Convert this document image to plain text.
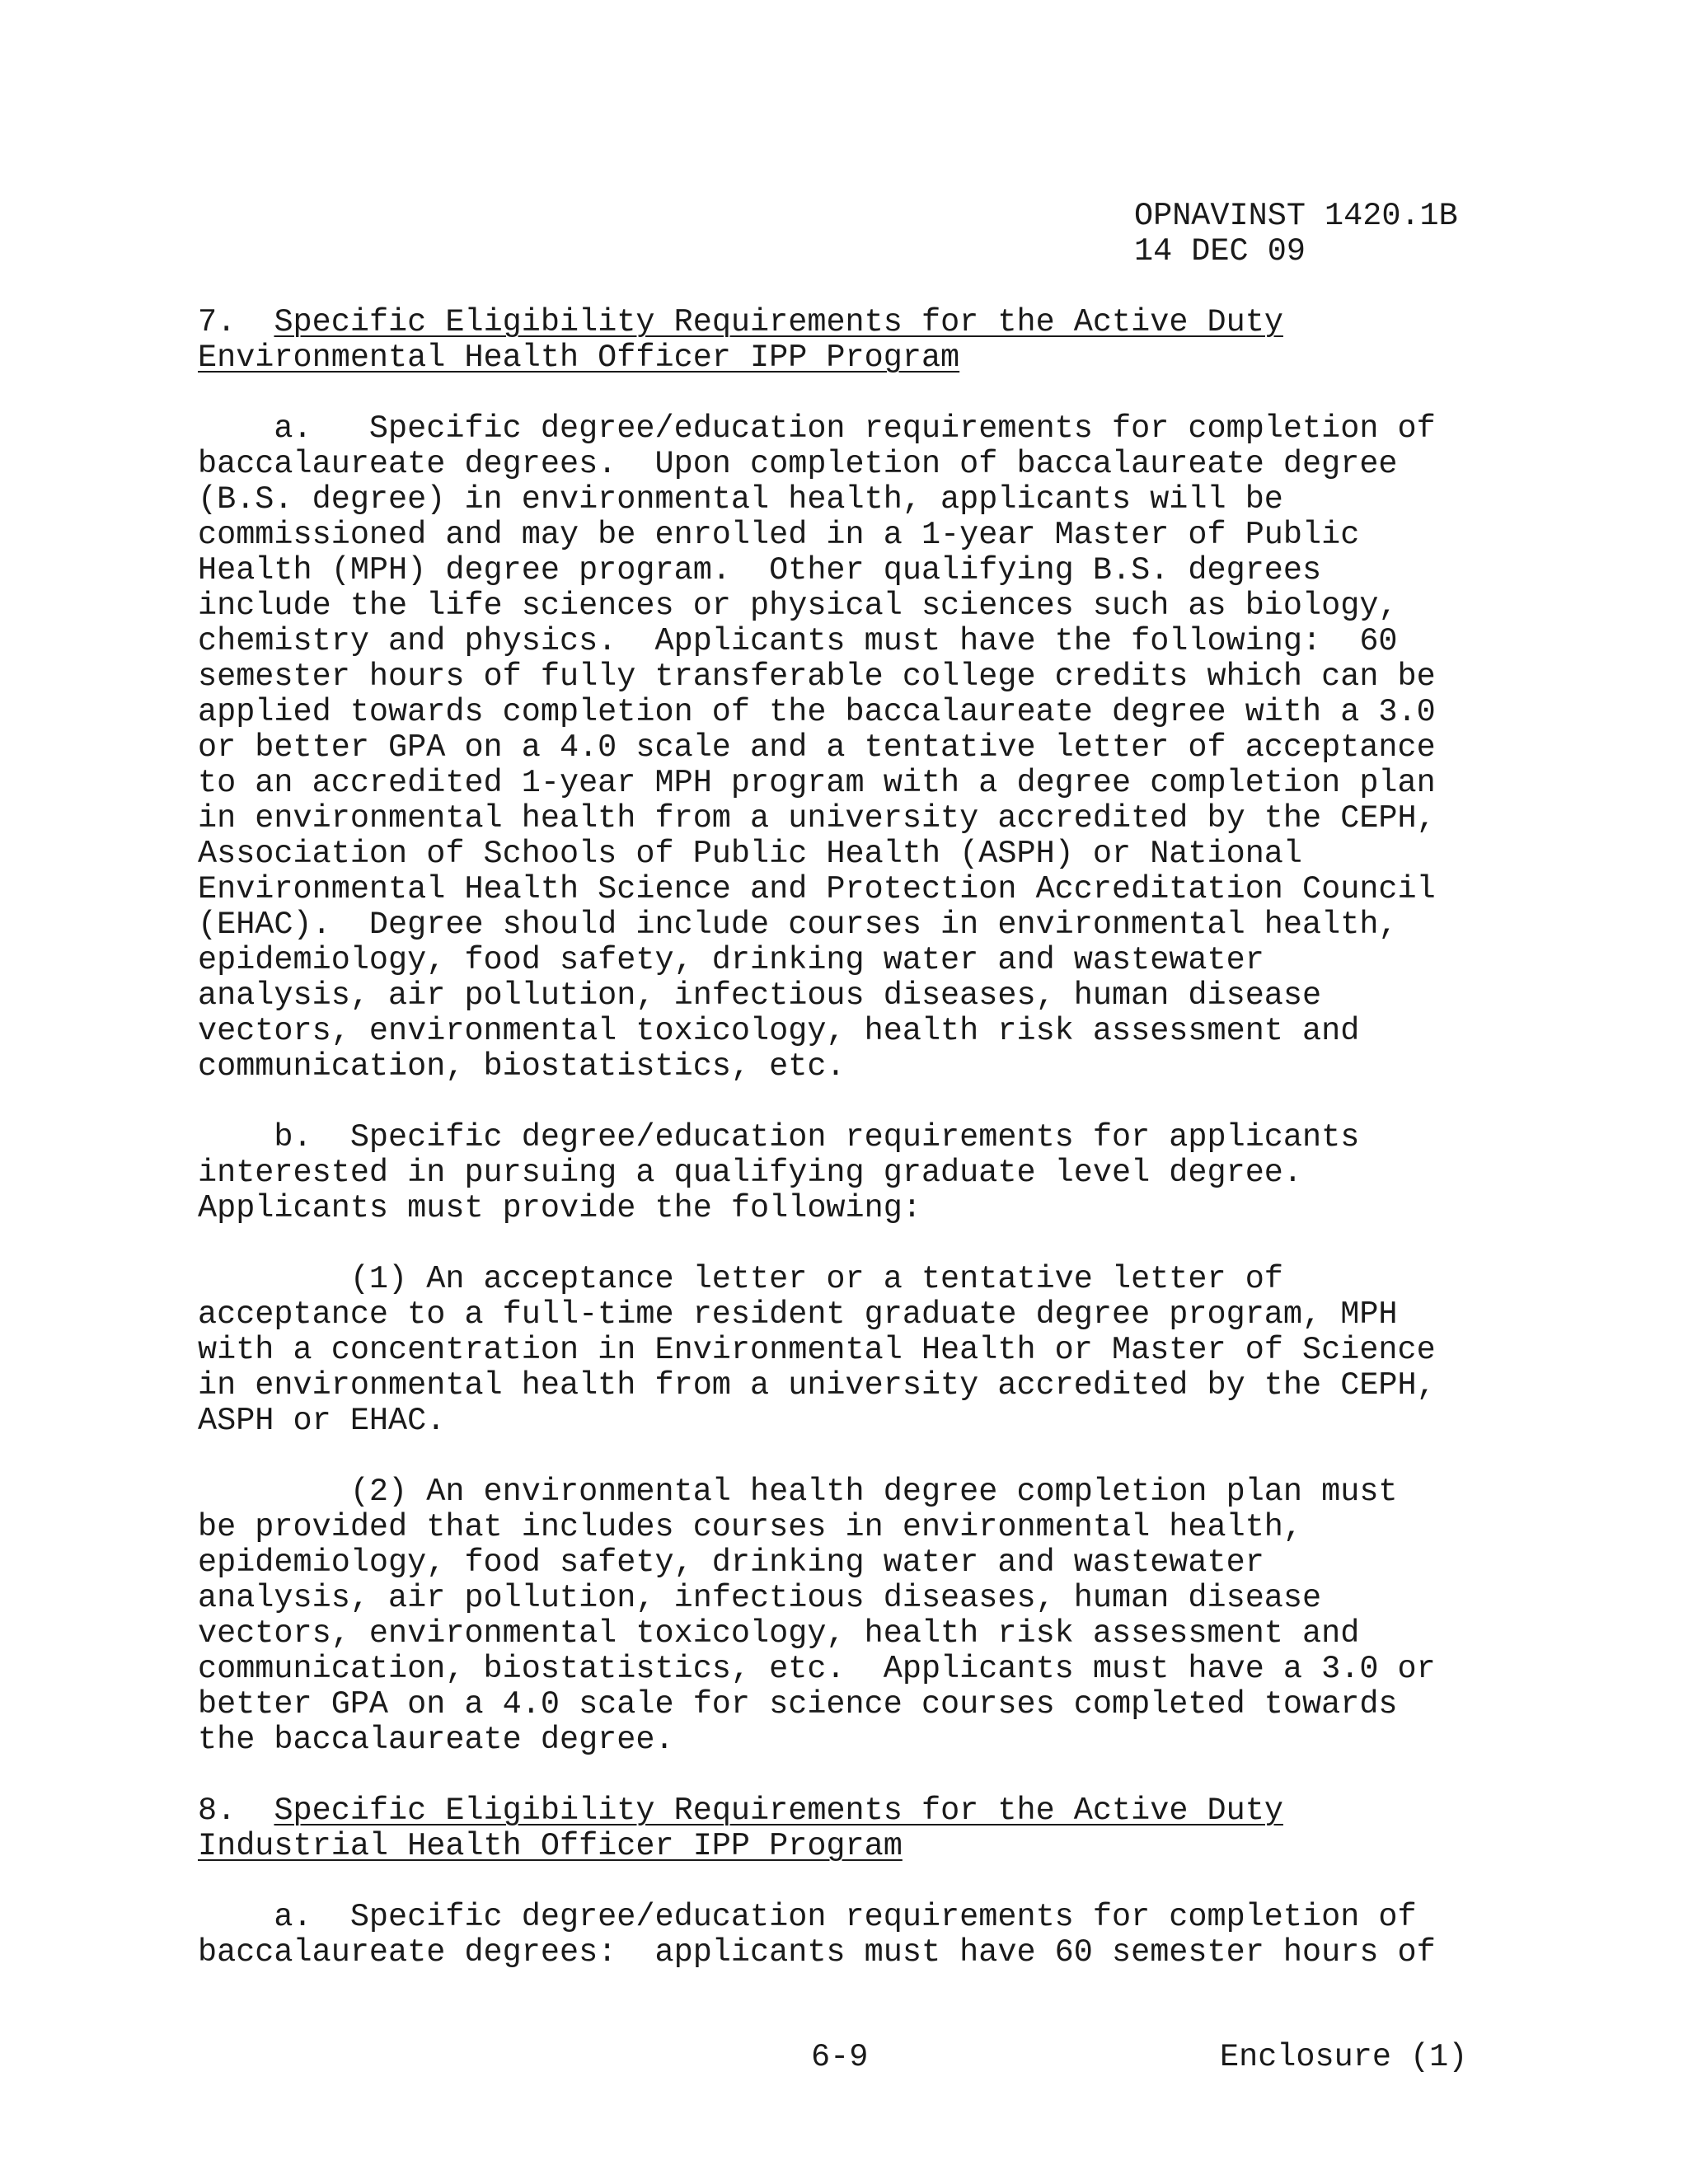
OPNAVINST 1420.1B
14 DEC 09
7. Specific Eligibility Requirements for the Active Duty
Environmental Health Officer IPP Program
a.   Specific degree/education requirements for completion of
baccalaureate degrees.  Upon completion of baccalaureate degree
(B.S. degree) in environmental health, applicants will be
commissioned and may be enrolled in a 1-year Master of Public
Health (MPH) degree program.  Other qualifying B.S. degrees
include the life sciences or physical sciences such as biology,
chemistry and physics.  Applicants must have the following:  60
semester hours of fully transferable college credits which can be
applied towards completion of the baccalaureate degree with a 3.0
or better GPA on a 4.0 scale and a tentative letter of acceptance
to an accredited 1-year MPH program with a degree completion plan
in environmental health from a university accredited by the CEPH,
Association of Schools of Public Health (ASPH) or National
Environmental Health Science and Protection Accreditation Council
(EHAC).  Degree should include courses in environmental health,
epidemiology, food safety, drinking water and wastewater
analysis, air pollution, infectious diseases, human disease
vectors, environmental toxicology, health risk assessment and
communication, biostatistics, etc.
b.  Specific degree/education requirements for applicants
interested in pursuing a qualifying graduate level degree.
Applicants must provide the following:
(1) An acceptance letter or a tentative letter of
acceptance to a full-time resident graduate degree program, MPH
with a concentration in Environmental Health or Master of Science
in environmental health from a university accredited by the CEPH,
ASPH or EHAC.
(2) An environmental health degree completion plan must
be provided that includes courses in environmental health,
epidemiology, food safety, drinking water and wastewater
analysis, air pollution, infectious diseases, human disease
vectors, environmental toxicology, health risk assessment and
communication, biostatistics, etc.  Applicants must have a 3.0 or
better GPA on a 4.0 scale for science courses completed towards
the baccalaureate degree.
8. Specific Eligibility Requirements for the Active Duty
Industrial Health Officer IPP Program
a.  Specific degree/education requirements for completion of
baccalaureate degrees:  applicants must have 60 semester hours of
6-9	Enclosure (1)
